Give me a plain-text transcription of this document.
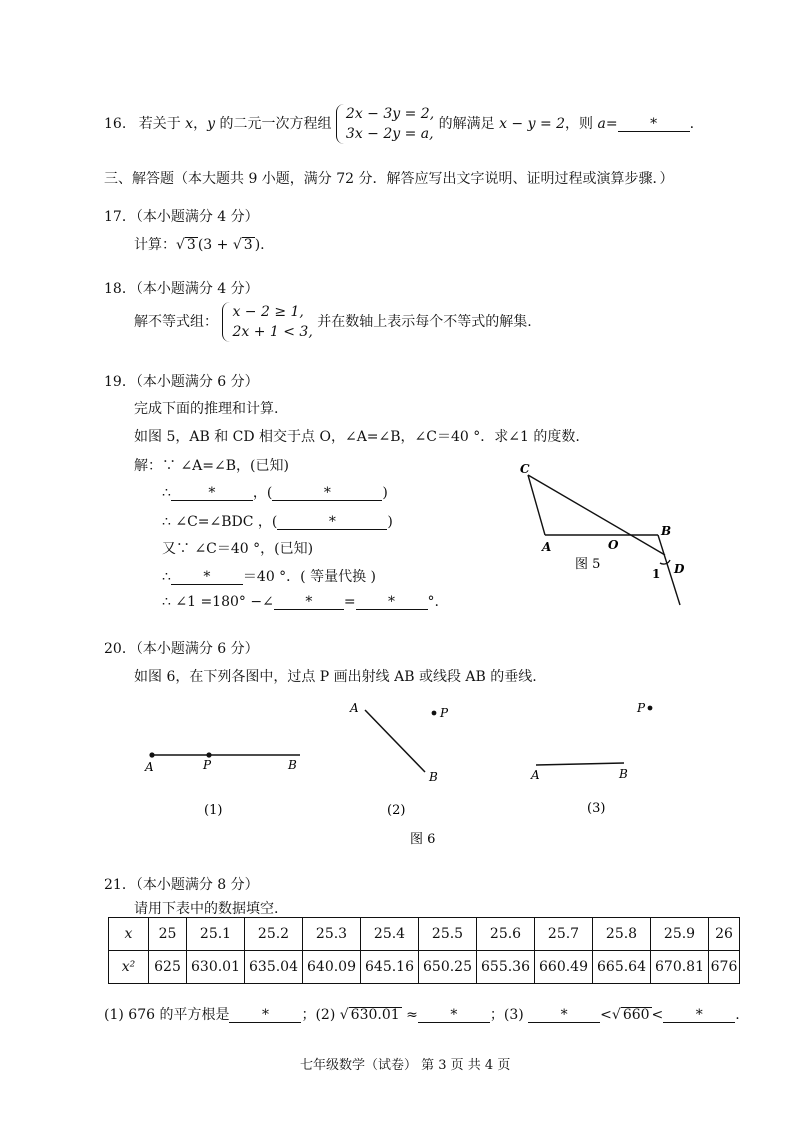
16. 若关于 x，y 的二元一次方程组
2x − 3y = 2,
3x − 2y = a,
的解满足 x − y = 2，则 a= * .
三、解答题（本大题共 9 小题，满分 72 分．解答应写出文字说明、证明过程或演算步骤．）
17．（本小题满分 4 分）
计算：√ 3 (3 + √ 3 ).
18．（本小题满分 4 分）
解不等式组：
x − 2 ≥ 1,
2x + 1 < 3,
并在数轴上表示每个不等式的解集.
19．（本小题满分 6 分）
完成下面的推理和计算.
如图 5，AB 和 CD 相交于点 O，∠A=∠B，∠C＝40 °．求∠1 的度数.
解：∵ ∠A=∠B，(已知)
∴	*	，(	*	)
∴ ∠C=∠BDC ，(	*	)
又∵ ∠C＝40 °，(已知)
∴ * ＝40 °．( 等量代换 )
∴ ∠1 =180° −∠ * = * °.
C
A	O
B
D
1
图 5
20．（本小题满分 6 分）
如图 6，在下列各图中，过点 P 画出射线 AB 或线段 AB 的垂线.
A	P	B
(1)
A	P
B
(2)
A
P
B
(3)
图 6
21．（本小题满分 8 分）
请用下表中的数据填空.
x	25	25.1	25.2	25.3	25.4	25.5	25.6	25.7	25.8	25.9	26
x²	625	630.01	635.04	640.09	645.16	650.25	655.36	660.49	665.64	670.81	676
(1) 676 的平方根是 * ；(2) √ 630.01 ≈ * ；(3)	* <√ 660 < * .
七年级数学（试卷） 第 3 页 共 4 页
